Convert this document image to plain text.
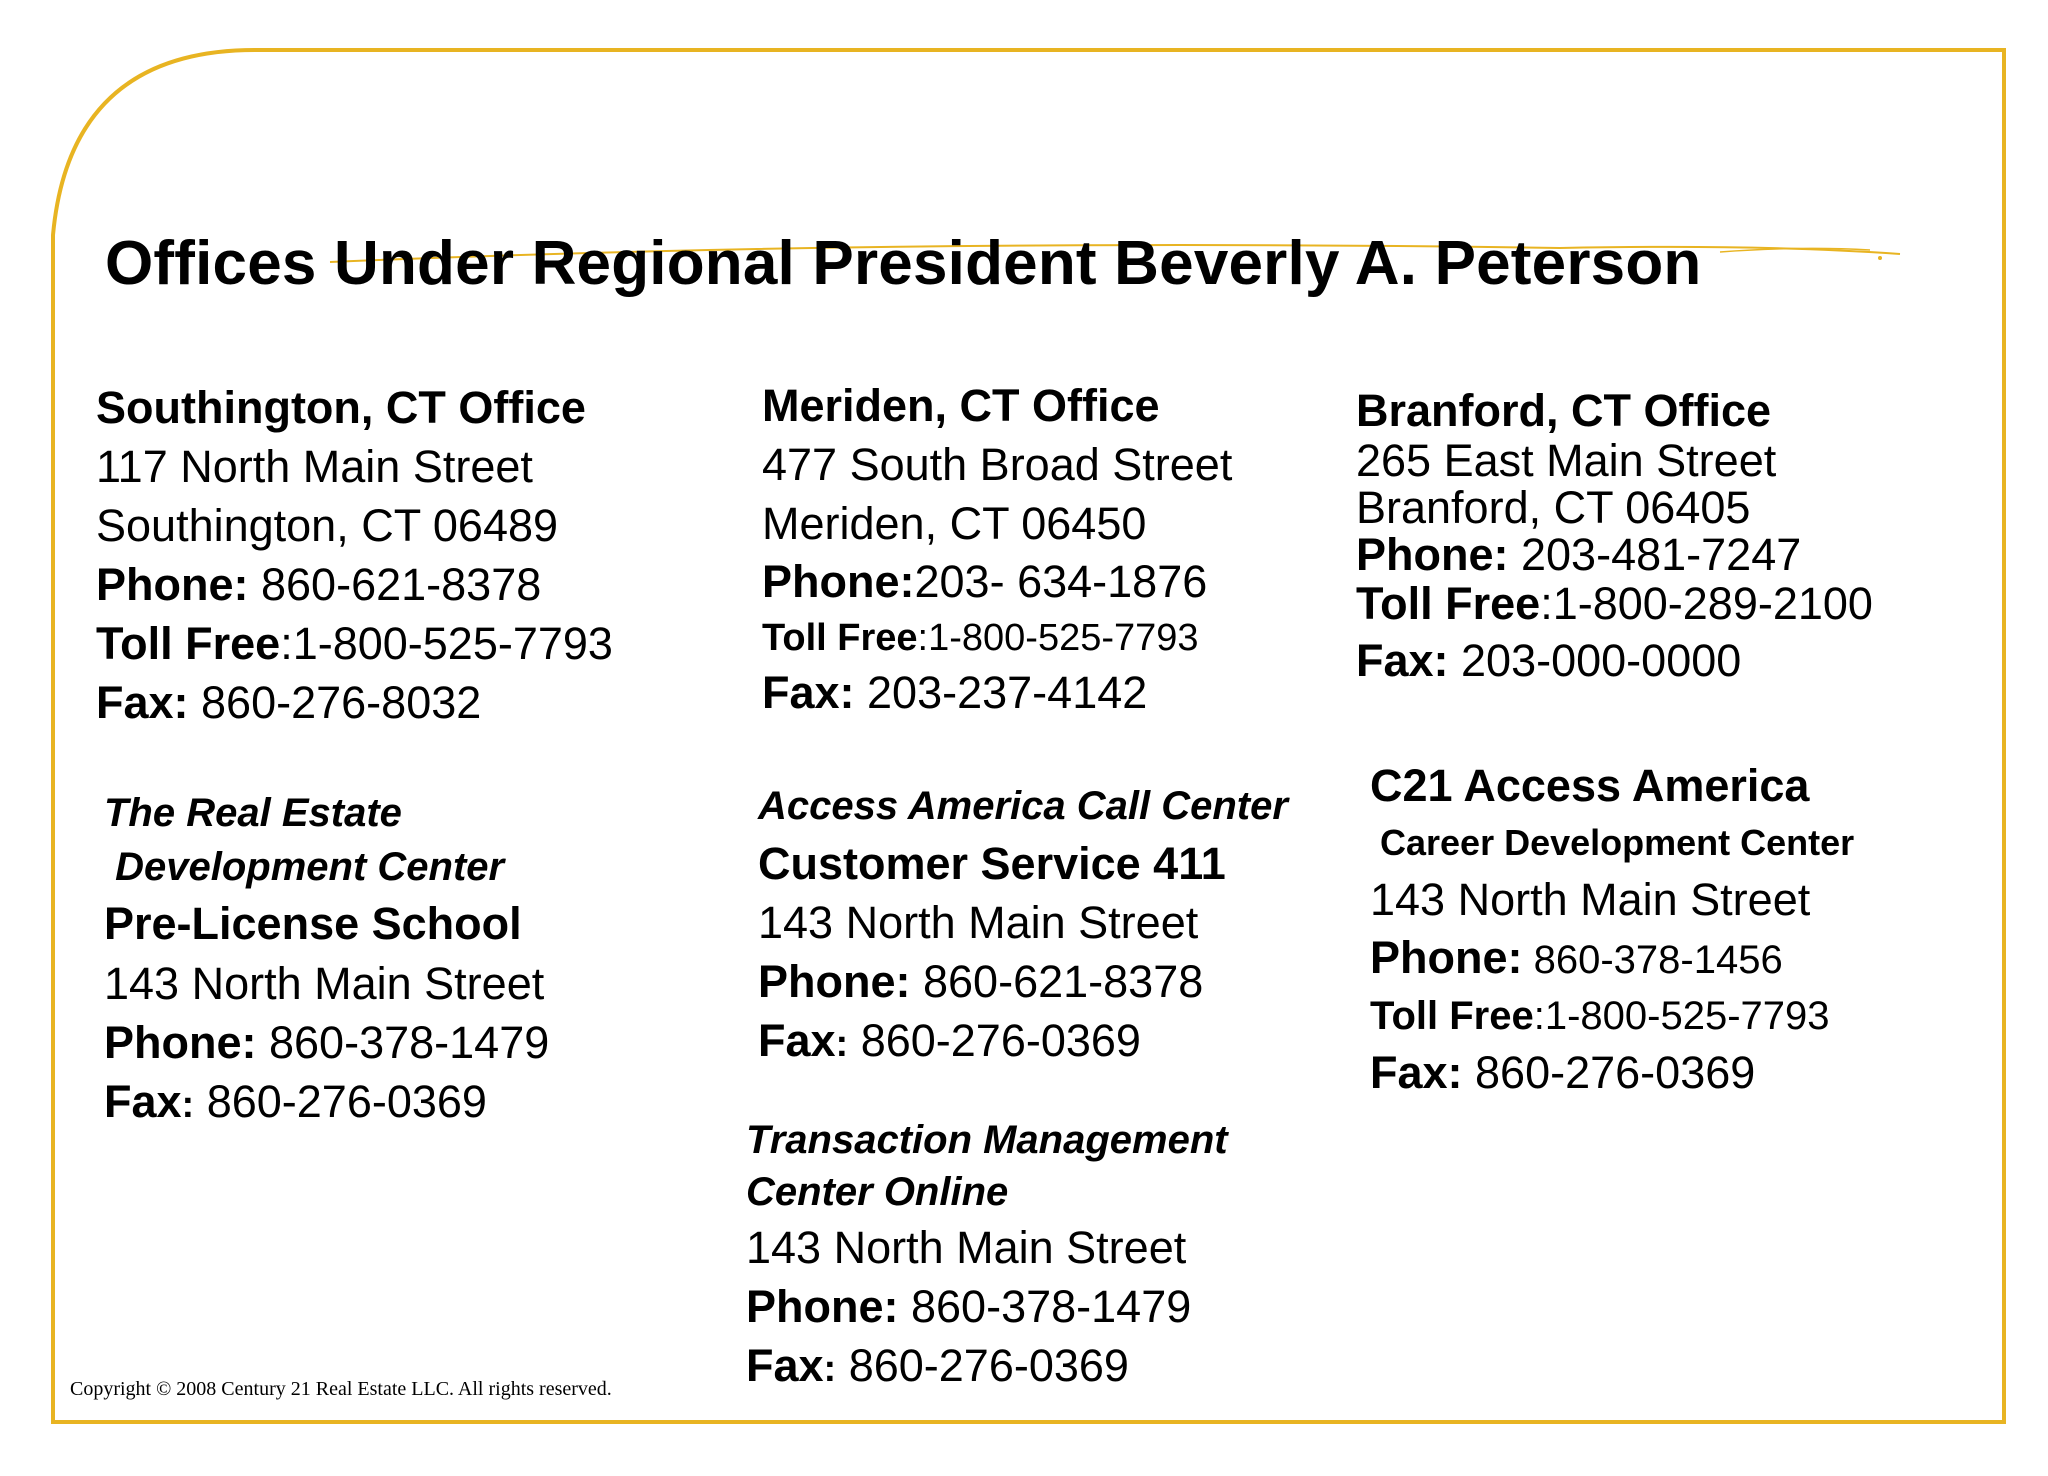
Offices Under Regional President Beverly A. Peterson
Southington, CT Office
117 North Main Street
Southington, CT 06489
Phone: 860-621-8378
Toll Free:1-800-525-7793
Fax: 860-276-8032
Meriden, CT Office
477 South Broad Street
Meriden, CT 06450
Phone:203- 634-1876
Toll Free:1-800-525-7793
Fax: 203-237-4142
Branford, CT Office
265 East Main Street
Branford, CT 06405
Phone: 203-481-7247
Toll Free:1-800-289-2100
Fax: 203-000-0000
The Real Estate
Development Center
Pre-License School
143 North Main Street
Phone: 860-378-1479
Fax: 860-276-0369
Access America Call Center
Customer Service 411
143 North Main Street
Phone: 860-621-8378
Fax: 860-276-0369
C21 Access America
Career Development Center
143 North Main Street
Phone: 860-378-1456
Toll Free:1-800-525-7793
Fax: 860-276-0369
Transaction Management
Center Online
143 North Main Street
Phone: 860-378-1479
Fax: 860-276-0369
Copyright © 2008 Century 21 Real Estate LLC. All rights reserved.
